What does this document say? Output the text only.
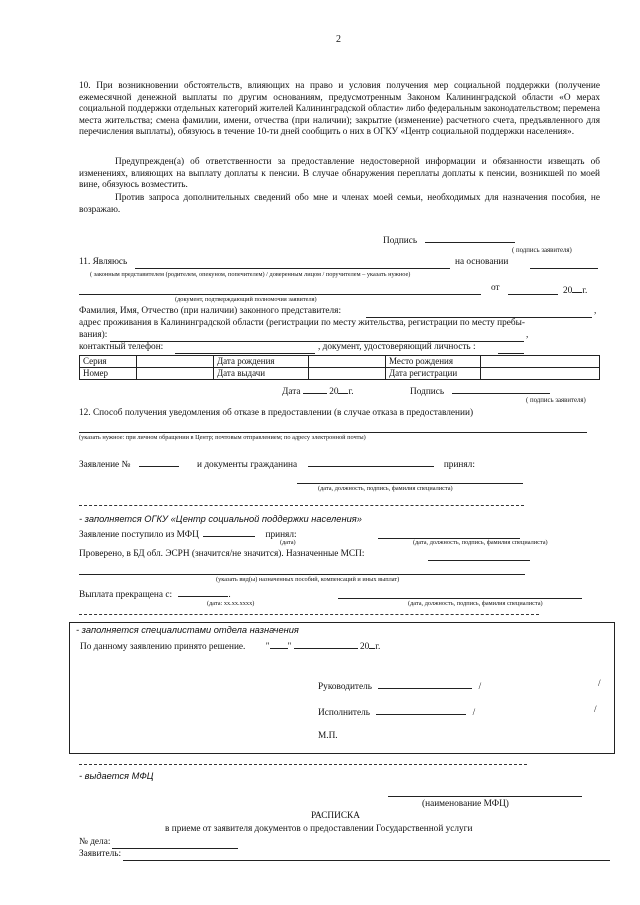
2
10. При возникновении обстоятельств, влияющих на право и условия получения мер социальной поддержки (получение ежемесячной денежной выплаты по другим основаниям, предусмотренным Законом Калининградской области «О мерах социальной поддержки отдельных категорий жителей Калининградской области» либо федеральным законодательством; перемена места жительства; смена фамилии, имени, отчества (при наличии); закрытие (изменение) расчетного счета, предъявленного для перечисления выплаты), обязуюсь в течение 10-ти дней сообщить о них в ОГКУ «Центр социальной поддержки населения».
Предупрежден(а) об ответственности за предоставление недостоверной информации и обязанности извещать об изменениях, влияющих на выплату доплаты к пенсии. В случае обнаружения переплаты доплаты к пенсии, возникшей по моей вине, обязуюсь возместить.
Против запроса дополнительных сведений обо мне и членах моей семьи, необходимых для назначения пособия, не возражаю.
Подпись
( подпись заявителя)
11. Являюсь	на основании
( законным представителем (родителем, опекуном, попечителем) / доверенным лицом / поручителем – указать нужное)
от	20 г.
(документ, подтверждающий полномочия заявителя)
Фамилия, Имя, Отчество (при наличии) законного представителя:	,
адрес проживания в Калининградской области (регистрации по месту жительства, регистрации по месту пребы-
вания):	,
контактный телефон:	, документ, удостоверяющий личность :
Серия		Дата рождения		Место рождения	
Номер		Дата выдачи		Дата регистрации	
Дата	20 г.	Подпись
( подпись заявителя)
12. Способ получения уведомления об отказе в предоставлении (в случае отказа в предоставлении)
(указать нужное: при личном обращении в Центр; почтовым отправлением; по адресу электронной почты)
Заявление №	и документы гражданина	принял:
(дата, должность, подпись, фамилия специалиста)
- заполняется ОГКУ «Центр социальной поддержки населения»
Заявление поступило из МФЦ	принял:
(дата)	(дата, должность, подпись, фамилия специалиста)
Проверено, в БД обл. ЭСРН (значится/не значится). Назначенные МСП:
(указать вид(ы) назначенных пособий, компенсаций и иных выплат)
Выплата прекращена с:	.
(дата: хх.хх.хххх)	(дата, должность, подпись, фамилия специалиста)
- заполняется специалистами отдела назначения
По данному заявлению принято решение. " "	20 г.
Руководитель	/	/
Исполнитель	/	/
М.П.
- выдается МФЦ
(наименование МФЦ)
РАСПИСКА
в приеме от заявителя документов о предоставлении Государственной услуги
№ дела:
Заявитель:
